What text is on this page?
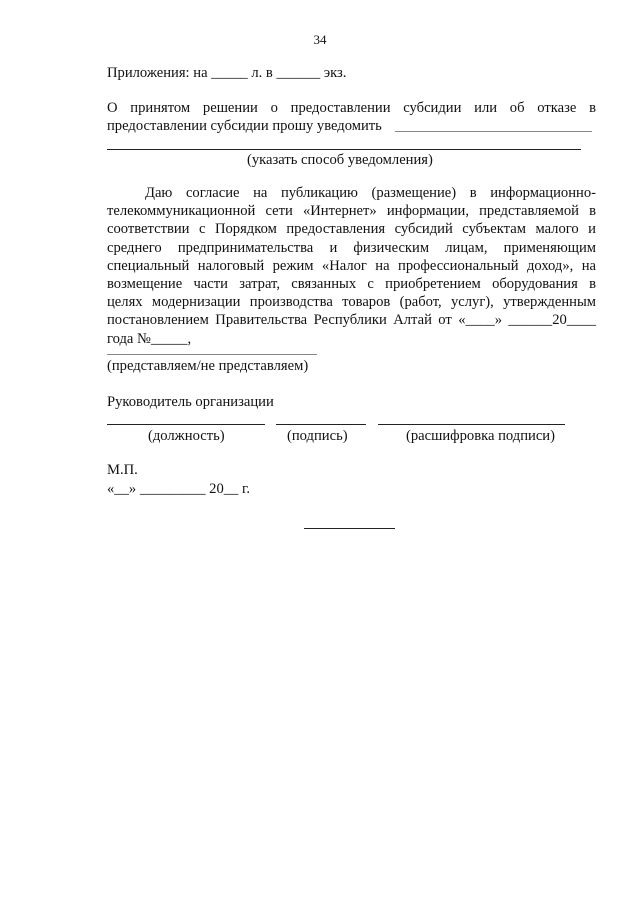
34
Приложения: на _____ л. в ______ экз.
О принятом решении о предоставлении субсидии или об отказе в
предоставлении субсидии прошу уведомить
(указать способ уведомления)

Даю согласие на публикацию (размещение) в информационно-

телекоммуникационной сети «Интернет» информации, представляемой в

соответствии с Порядком предоставления субсидий субъектам малого и

среднего предпринимательства и физическим лицам, применяющим

специальный налоговый режим «Налог на профессиональный доход», на

возмещение части затрат, связанных с приобретением оборудования в

целях модернизации производства товаров (работ, услуг), утвержденным

постановлением Правительства Республики Алтай от «____» ______20____

года №_____,

(представляем/не представляем)
Руководитель организации
(должность)	(подпись)	(расшифровка подписи)
М.П.
«__» _________ 20__ г.
